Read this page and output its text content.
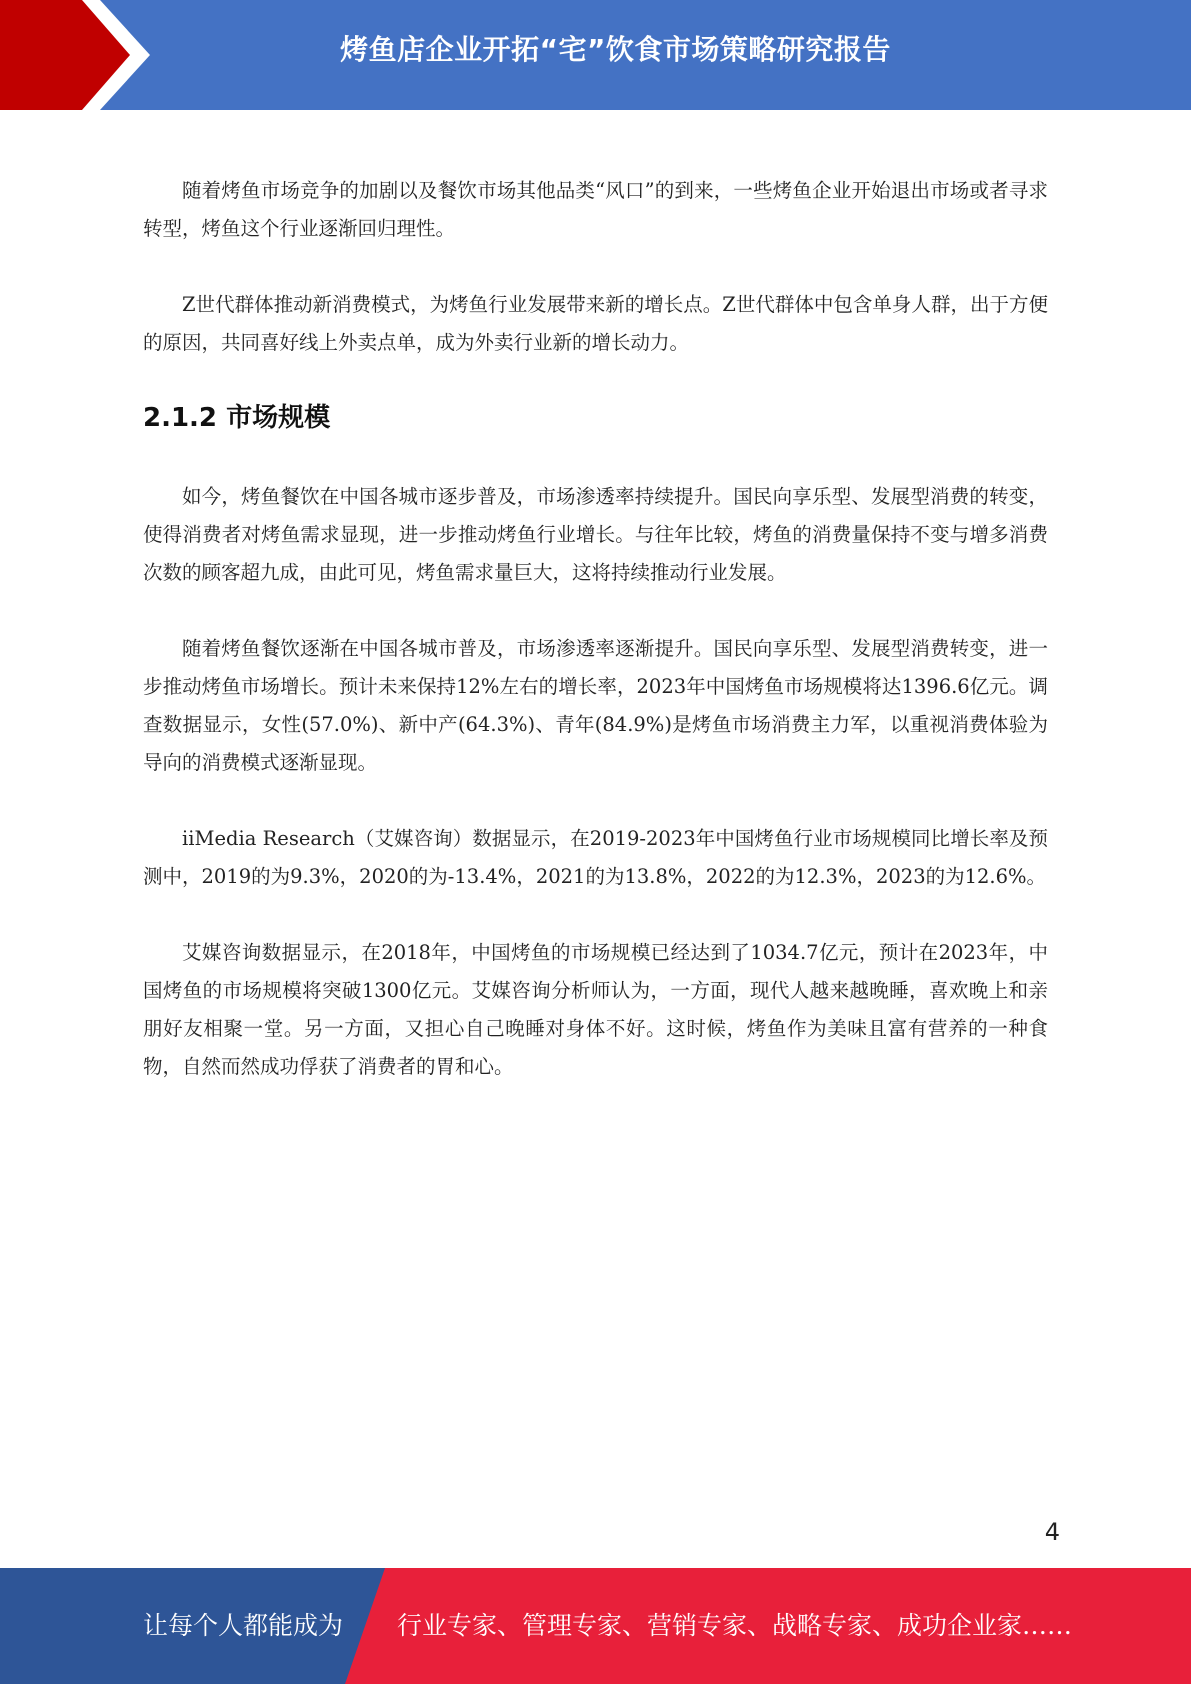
烤鱼店企业开拓“宅”饮食市场策略研究报告

随着烤鱼市场竞争的加剧以及餐饮市场其他品类“风口”的到来，一些烤鱼企业开始退出市场或者寻求转型，烤鱼这个行业逐渐回归理性。

Z世代群体推动新消费模式，为烤鱼行业发展带来新的增长点。Z世代群体中包含单身人群，出于方便的原因，共同喜好线上外卖点单，成为外卖行业新的增长动力。

2.1.2 市场规模

如今，烤鱼餐饮在中国各城市逐步普及，市场渗透率持续提升。国民向享乐型、发展型消费的转变，使得消费者对烤鱼需求显现，进一步推动烤鱼行业增长。与往年比较，烤鱼的消费量保持不变与增多消费次数的顾客超九成，由此可见，烤鱼需求量巨大，这将持续推动行业发展。

随着烤鱼餐饮逐渐在中国各城市普及，市场渗透率逐渐提升。国民向享乐型、发展型消费转变，进一步推动烤鱼市场增长。预计未来保持12%左右的增长率，2023年中国烤鱼市场规模将达1396.6亿元。调查数据显示，女性(57.0%)、新中产(64.3%)、青年(84.9%)是烤鱼市场消费主力军，以重视消费体验为导向的消费模式逐渐显现。

iiMedia Research（艾媒咨询）数据显示，在2019-2023年中国烤鱼行业市场规模同比增长率及预测中，2019的为9.3%，2020的为-13.4%，2021的为13.8%，2022的为12.3%，2023的为12.6%。

艾媒咨询数据显示，在2018年，中国烤鱼的市场规模已经达到了1034.7亿元，预计在2023年，中国烤鱼的市场规模将突破1300亿元。艾媒咨询分析师认为，一方面，现代人越来越晚睡，喜欢晚上和亲朋好友相聚一堂。另一方面，又担心自己晚睡对身体不好。这时候，烤鱼作为美味且富有营养的一种食物，自然而然成功俘获了消费者的胃和心。

4
让每个人都能成为 行业专家、管理专家、营销专家、战略专家、成功企业家……
